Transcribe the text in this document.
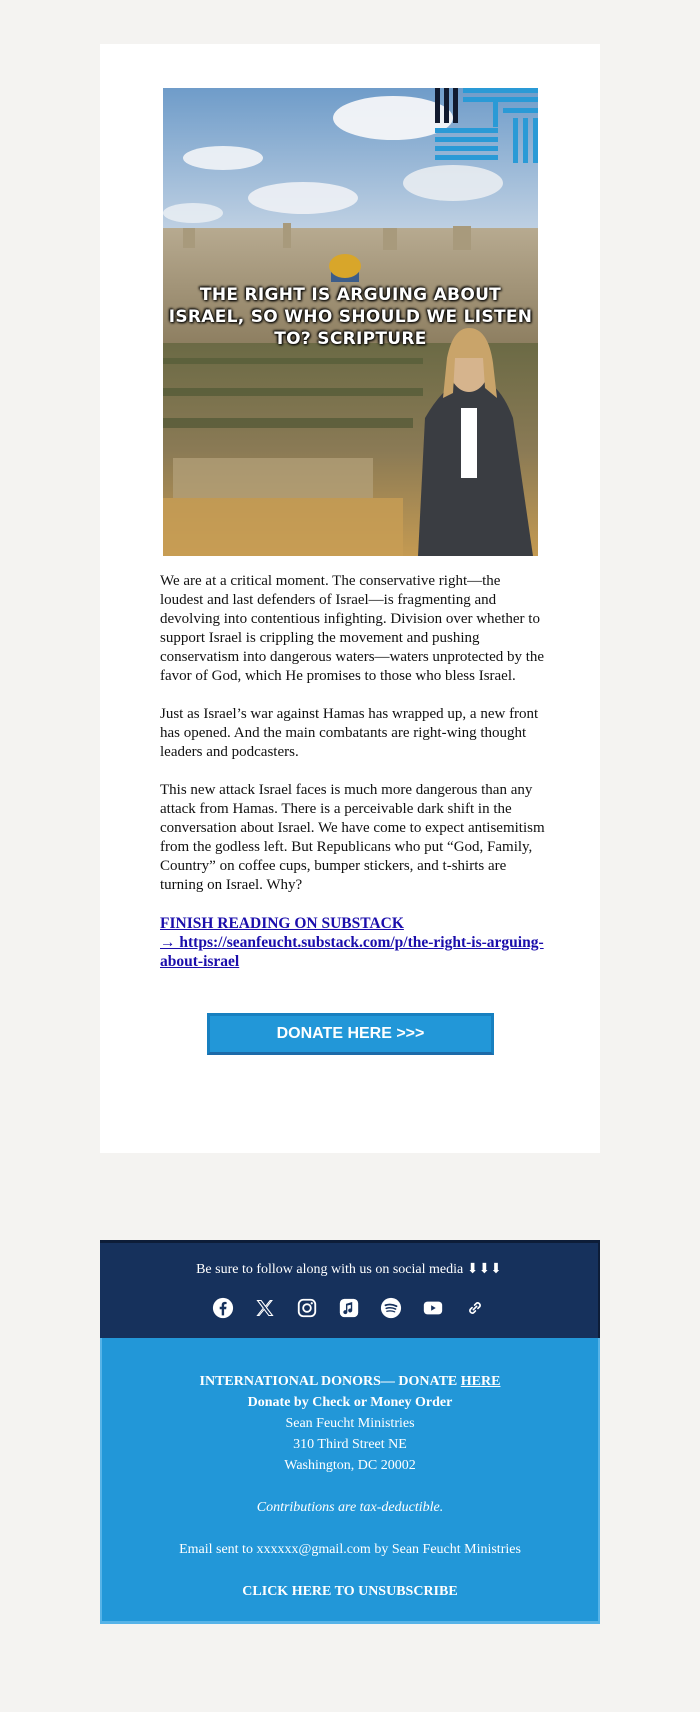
THE RIGHT IS ARGUING ABOUT ISRAEL, SO WHO SHOULD WE LISTEN TO? SCRIPTURE

We are at a critical moment. The conservative right—the loudest and last defenders of Israel—is fragmenting and devolving into contentious infighting. Division over whether to support Israel is crippling the movement and pushing conservatism into dangerous waters—waters unprotected by the favor of God, which He promises to those who bless Israel.

Just as Israel’s war against Hamas has wrapped up, a new front has opened. And the main combatants are right-wing thought leaders and podcasters.

This new attack Israel faces is much more dangerous than any attack from Hamas. There is a perceivable dark shift in the conversation about Israel. We have come to expect antisemitism from the godless left. But Republicans who put “God, Family, Country” on coffee cups, bumper stickers, and t-shirts are turning on Israel. Why?

FINISH READING ON SUBSTACK
→ https://seanfeucht.substack.com/p/the-right-is-arguing-about-israel
DONATE HERE >>>
Be sure to follow along with us on social media ⬇⬇⬇
INTERNATIONAL DONORS— DONATE HERE
Donate by Check or Money Order
Sean Feucht Ministries
310 Third Street NE
Washington, DC 20002
Contributions are tax-deductible.
Email sent to xxxxxx@gmail.com by Sean Feucht Ministries
CLICK HERE TO UNSUBSCRIBE
